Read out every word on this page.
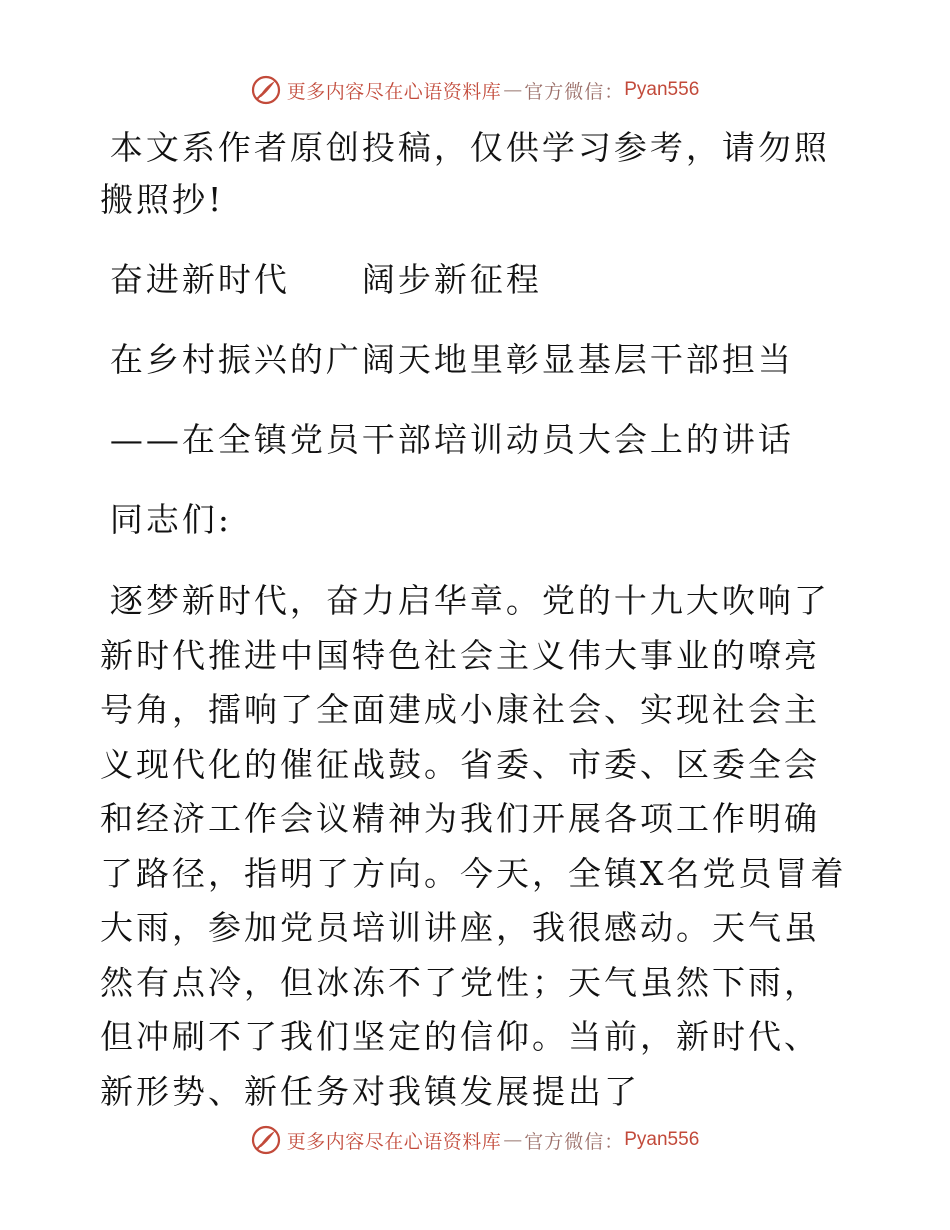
更多内容尽在心语资料库 — 官方微信： Pyan556

本文系作者原创投稿，仅供学习参考，请勿照搬照抄!

奋进新时代　　阔步新征程

在乡村振兴的广阔天地里彰显基层干部担当

——在全镇党员干部培训动员大会上的讲话

同志们:

逐梦新时代，奋力启华章。党的十九大吹响了新时代推进中国特色社会主义伟大事业的嘹亮号角，擂响了全面建成小康社会、实现社会主义现代化的催征战鼓。省委、市委、区委全会和经济工作会议精神为我们开展各项工作明确了路径，指明了方向。今天，全镇X名党员冒着大雨，参加党员培训讲座，我很感动。天气虽然有点冷，但冰冻不了党性；天气虽然下雨，但冲刷不了我们坚定的信仰。当前，新时代、新形势、新任务对我镇发展提出了

更多内容尽在心语资料库 — 官方微信： Pyan556
